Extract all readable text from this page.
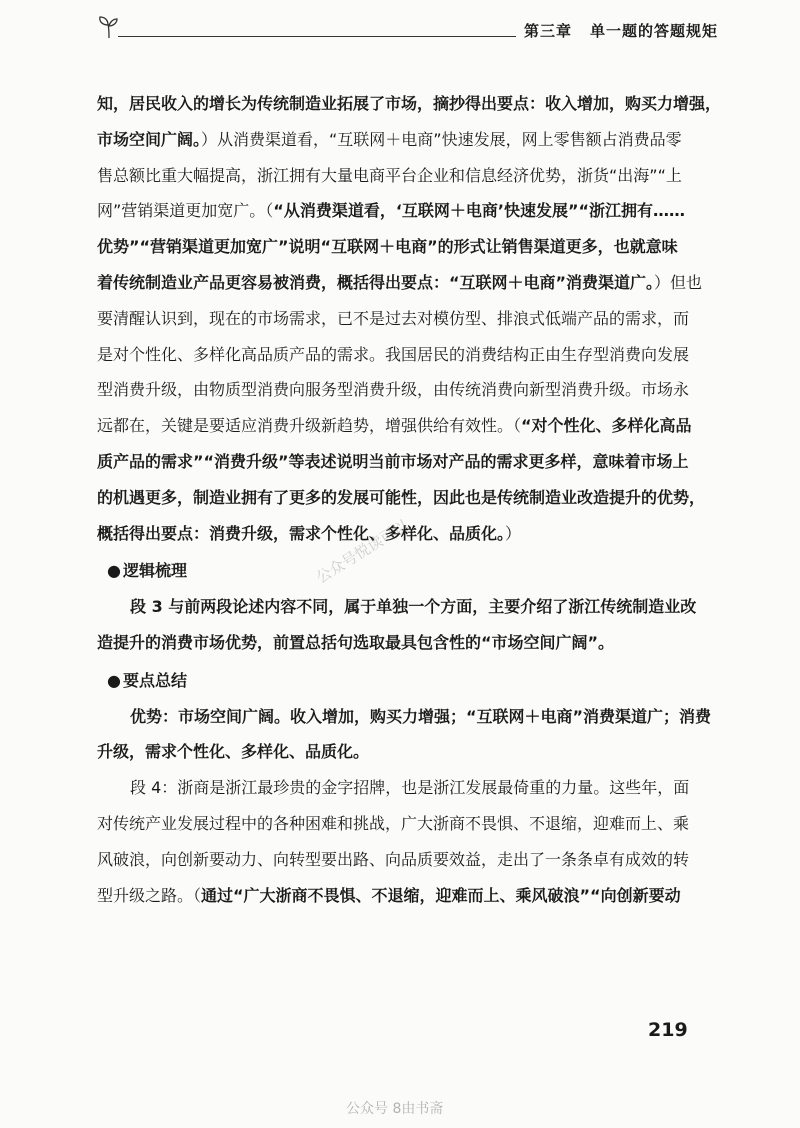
第三章 单一题的答题规矩
知，居民收入的增长为传统制造业拓展了市场，摘抄得出要点：收入增加，购买力增强，
市场空间广阔。）从消费渠道看，“互联网＋电商”快速发展，网上零售额占消费品零
售总额比重大幅提高，浙江拥有大量电商平台企业和信息经济优势，浙货“出海”“上
网”营销渠道更加宽广。（“从消费渠道看，‘互联网＋电商’快速发展”“浙江拥有……
优势”“营销渠道更加宽广”说明“互联网＋电商”的形式让销售渠道更多，也就意味
着传统制造业产品更容易被消费，概括得出要点：“互联网＋电商”消费渠道广。）但也
要清醒认识到，现在的市场需求，已不是过去对模仿型、排浪式低端产品的需求，而
是对个性化、多样化高品质产品的需求。我国居民的消费结构正由生存型消费向发展
型消费升级，由物质型消费向服务型消费升级，由传统消费向新型消费升级。市场永
远都在，关键是要适应消费升级新趋势，增强供给有效性。（“对个性化、多样化高品
质产品的需求”“消费升级”等表述说明当前市场对产品的需求更多样，意味着市场上
的机遇更多，制造业拥有了更多的发展可能性，因此也是传统制造业改造提升的优势，
概括得出要点：消费升级，需求个性化、多样化、品质化。）
● 逻辑梳理
段 3 与前两段论述内容不同，属于单独一个方面，主要介绍了浙江传统制造业改
造提升的消费市场优势，前置总括句选取最具包含性的“市场空间广阔”。
● 要点总结
优势：市场空间广阔。收入增加，购买力增强；“互联网＋电商”消费渠道广；消费
升级，需求个性化、多样化、品质化。
段 4：浙商是浙江最珍贵的金字招牌，也是浙江发展最倚重的力量。这些年，面
对传统产业发展过程中的各种困难和挑战，广大浙商不畏惧、不退缩，迎难而上、乘
风破浪，向创新要动力、向转型要出路、向品质要效益，走出了一条条卓有成效的转
型升级之路。（通过“广大浙商不畏惧、不退缩，迎难而上、乘风破浪”“向创新要动
公众号悦读可以
219
公众号 8由书斋
